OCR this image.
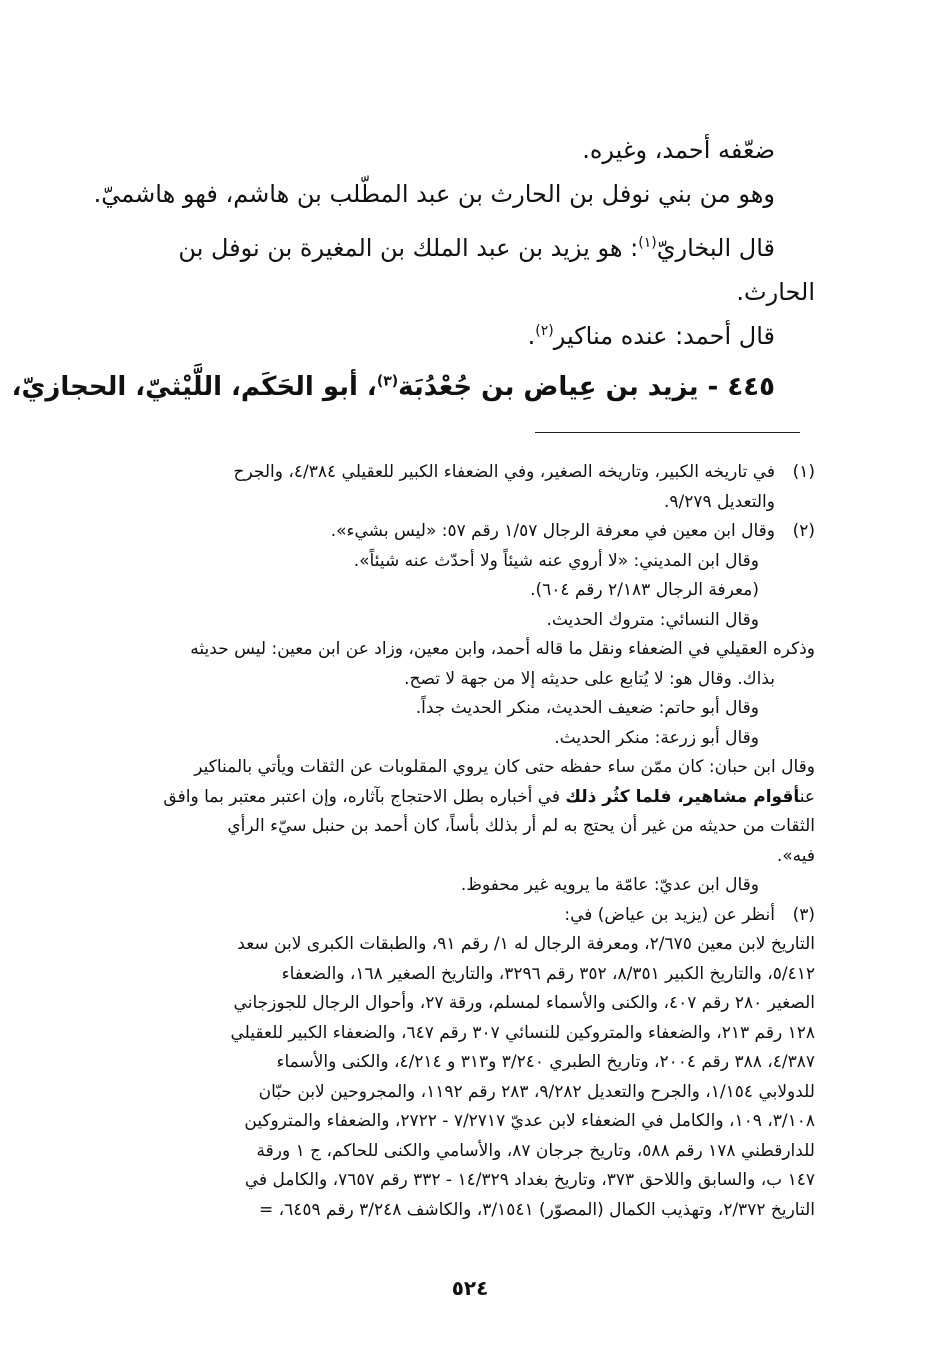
ضعّفه أحمد، وغيره.

وهو من بني نوفل بن الحارث بن عبد المطّلب بن هاشم، فهو هاشميّ.

قال البخاريّ$^{(١)}$: هو يزيد بن عبد الملك بن المغيرة بن نوفل بن

الحارث.

قال أحمد: عنده مناكير$^{(٢)}$.

٤٤٥ - يزيد بن عِياض بن جُعْدُبَة$^{(٣)}$، أبو الحَكَم، اللَّيْثيّ، الحجازيّ،

(١)
في تاريخه الكبير، وتاريخه الصغير، وفي الضعفاء الكبير للعقيلي ٤/٣٨٤، والجرح
والتعديل ٩/٢٧٩.
(٢)
وقال ابن معين في معرفة الرجال ١/٥٧ رقم ٥٧: «ليس بشيء».
وقال ابن المديني: «لا أروي عنه شيئاً ولا أحدّث عنه شيئاً».
(معرفة الرجال ٢/١٨٣ رقم ٦٠٤).
وقال النسائي: متروك الحديث.
وذكره العقيلي في الضعفاء ونقل ما قاله أحمد، وابن معين، وزاد عن ابن معين: ليس حديثه
بذاك. وقال هو: لا يُتابع على حديثه إلا من جهة لا تصح.
وقال أبو حاتم: ضعيف الحديث، منكر الحديث جداً.
وقال أبو زرعة: منكر الحديث.
وقال ابن حبان: كان ممّن ساء حفظه حتى كان يروي المقلوبات عن الثقات ويأتي بالمناكير
عنأقوام مشاهير، فلما كثُر ذلك في أخباره بطل الاحتجاج بآثاره، وإن اعتبر معتبر بما وافق
الثقات من حديثه من غير أن يحتج به لم أر بذلك بأساً، كان أحمد بن حنبل سيّء الرأي
فيه».
وقال ابن عديّ: عامّة ما يرويه غير محفوظ.
(٣)
أنظر عن (يزيد بن عياض) في:
التاريخ لابن معين ٢/٦٧٥، ومعرفة الرجال له ١/ رقم ٩١، والطبقات الكبرى لابن سعد
٥/٤١٢، والتاريخ الكبير ٨/٣٥١، ٣٥٢ رقم ٣٢٩٦، والتاريخ الصغير ١٦٨، والضعفاء
الصغير ٢٨٠ رقم ٤٠٧، والكنى والأسماء لمسلم، ورقة ٢٧، وأحوال الرجال للجوزجاني
١٢٨ رقم ٢١٣، والضعفاء والمتروكين للنسائي ٣٠٧ رقم ٦٤٧، والضعفاء الكبير للعقيلي
٤/٣٨٧، ٣٨٨ رقم ٢٠٠٤، وتاريخ الطبري ٣/٢٤٠ و٣١٣ و ٤/٢١٤، والكنى والأسماء
للدولابي ١/١٥٤، والجرح والتعديل ٩/٢٨٢، ٢٨٣ رقم ١١٩٢، والمجروحين لابن حبّان
٣/١٠٨، ١٠٩، والكامل في الضعفاء لابن عديّ ٧/٢٧١٧ - ٢٧٢٢، والضعفاء والمتروكين
للدارقطني ١٧٨ رقم ٥٨٨، وتاريخ جرجان ٨٧، والأسامي والكنى للحاكم، ج ١ ورقة
١٤٧ ب، والسابق واللاحق ٣٧٣، وتاريخ بغداد ١٤/٣٢٩ - ٣٣٢ رقم ٧٦٥٧، والكامل في
التاريخ ٢/٣٧٢، وتهذيب الكمال (المصوّر) ٣/١٥٤١، والكاشف ٣/٢٤٨ رقم ٦٤٥٩، =
٥٢٤
